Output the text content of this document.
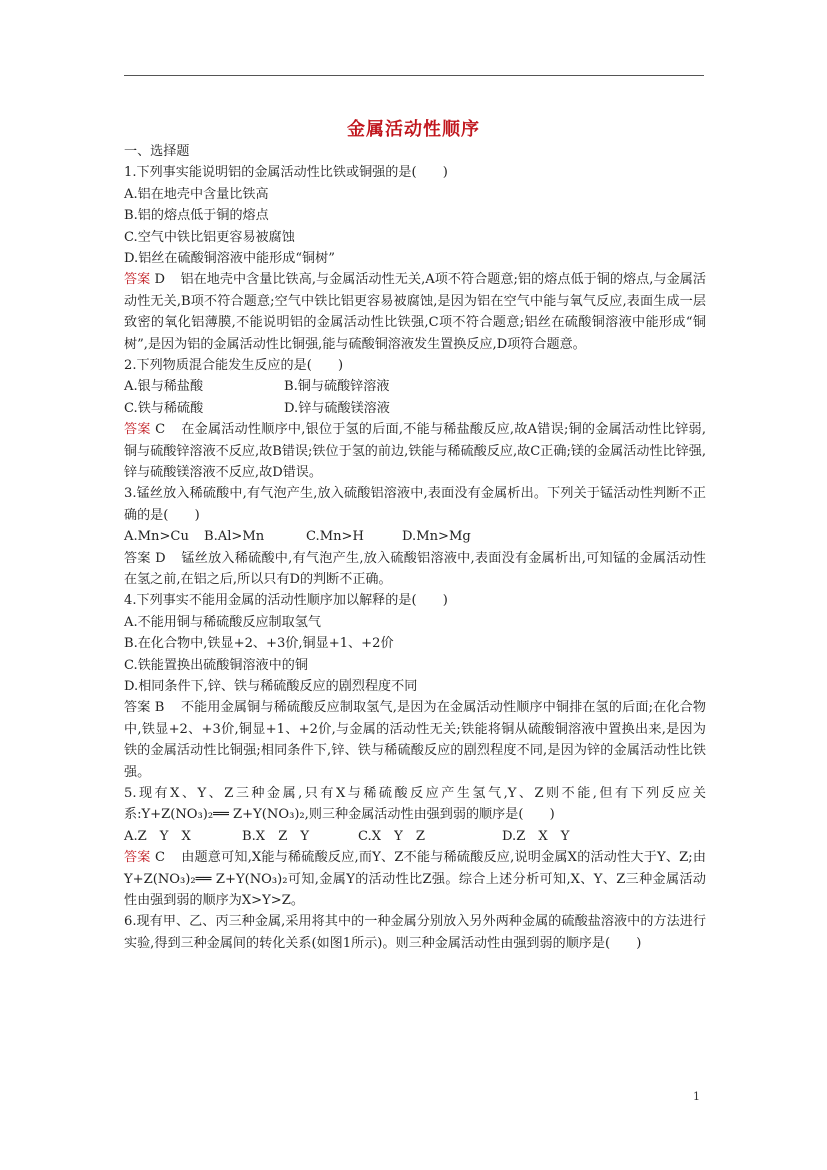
金属活动性顺序
一、选择题
1.下列事实能说明铝的金属活动性比铁或铜强的是(　　)
A.铝在地壳中含量比铁高
B.铝的熔点低于铜的熔点
C.空气中铁比铝更容易被腐蚀
D.铝丝在硫酸铜溶液中能形成“铜树”
答案 D 铝在地壳中含量比铁高,与金属活动性无关,A项不符合题意;铝的熔点低于铜的熔点,与金属活动性无关,B项不符合题意;空气中铁比铝更容易被腐蚀,是因为铝在空气中能与氧气反应,表面生成一层致密的氧化铝薄膜,不能说明铝的金属活动性比铁强,C项不符合题意;铝丝在硫酸铜溶液中能形成“铜树”,是因为铝的金属活动性比铜强,能与硫酸铜溶液发生置换反应,D项符合题意。
2.下列物质混合能发生反应的是(　　)
A.银与稀盐酸	B.铜与硫酸锌溶液
C.铁与稀硫酸	D.锌与硫酸镁溶液
答案 C 在金属活动性顺序中,银位于氢的后面,不能与稀盐酸反应,故A错误;铜的金属活动性比锌弱,铜与硫酸锌溶液不反应,故B错误;铁位于氢的前边,铁能与稀硫酸反应,故C正确;镁的金属活动性比锌强,锌与硫酸镁溶液不反应,故D错误。
3.锰丝放入稀硫酸中,有气泡产生,放入硫酸铝溶液中,表面没有金属析出。下列关于锰活动性判断不正确的是(　　)
A.Mn>Cu B.Al>Mn	C.Mn>H	D.Mn>Mg
答案 D 锰丝放入稀硫酸中,有气泡产生,放入硫酸铝溶液中,表面没有金属析出,可知锰的金属活动性在氢之前,在铝之后,所以只有D的判断不正确。
4.下列事实不能用金属的活动性顺序加以解释的是(　　)
A.不能用铜与稀硫酸反应制取氢气
B.在化合物中,铁显+2、+3价,铜显+1、+2价
C.铁能置换出硫酸铜溶液中的铜
D.相同条件下,锌、铁与稀硫酸反应的剧烈程度不同
答案 B 不能用金属铜与稀硫酸反应制取氢气,是因为在金属活动性顺序中铜排在氢的后面;在化合物中,铁显+2、+3价,铜显+1、+2价,与金属的活动性无关;铁能将铜从硫酸铜溶液中置换出来,是因为铁的金属活动性比铜强;相同条件下,锌、铁与稀硫酸反应的剧烈程度不同,是因为锌的金属活动性比铁强。
5.现有X、Y、Z三种金属,只有X与稀硫酸反应产生氢气,Y、Z则不能,但有下列反应关系:Y+Z(NO₃)₂══ Z+Y(NO₃)₂,则三种金属活动性由强到弱的顺序是(　　)
A.Z　Y　X	B.X　Z　Y	C.X　Y　Z	D.Z　X　Y
答案 C 由题意可知,X能与稀硫酸反应,而Y、Z不能与稀硫酸反应,说明金属X的活动性大于Y、Z;由Y+Z(NO₃)₂══ Z+Y(NO₃)₂可知,金属Y的活动性比Z强。综合上述分析可知,X、Y、Z三种金属活动性由强到弱的顺序为X>Y>Z。
6.现有甲、乙、丙三种金属,采用将其中的一种金属分别放入另外两种金属的硫酸盐溶液中的方法进行实验,得到三种金属间的转化关系(如图1所示)。则三种金属活动性由强到弱的顺序是(　　)
1
